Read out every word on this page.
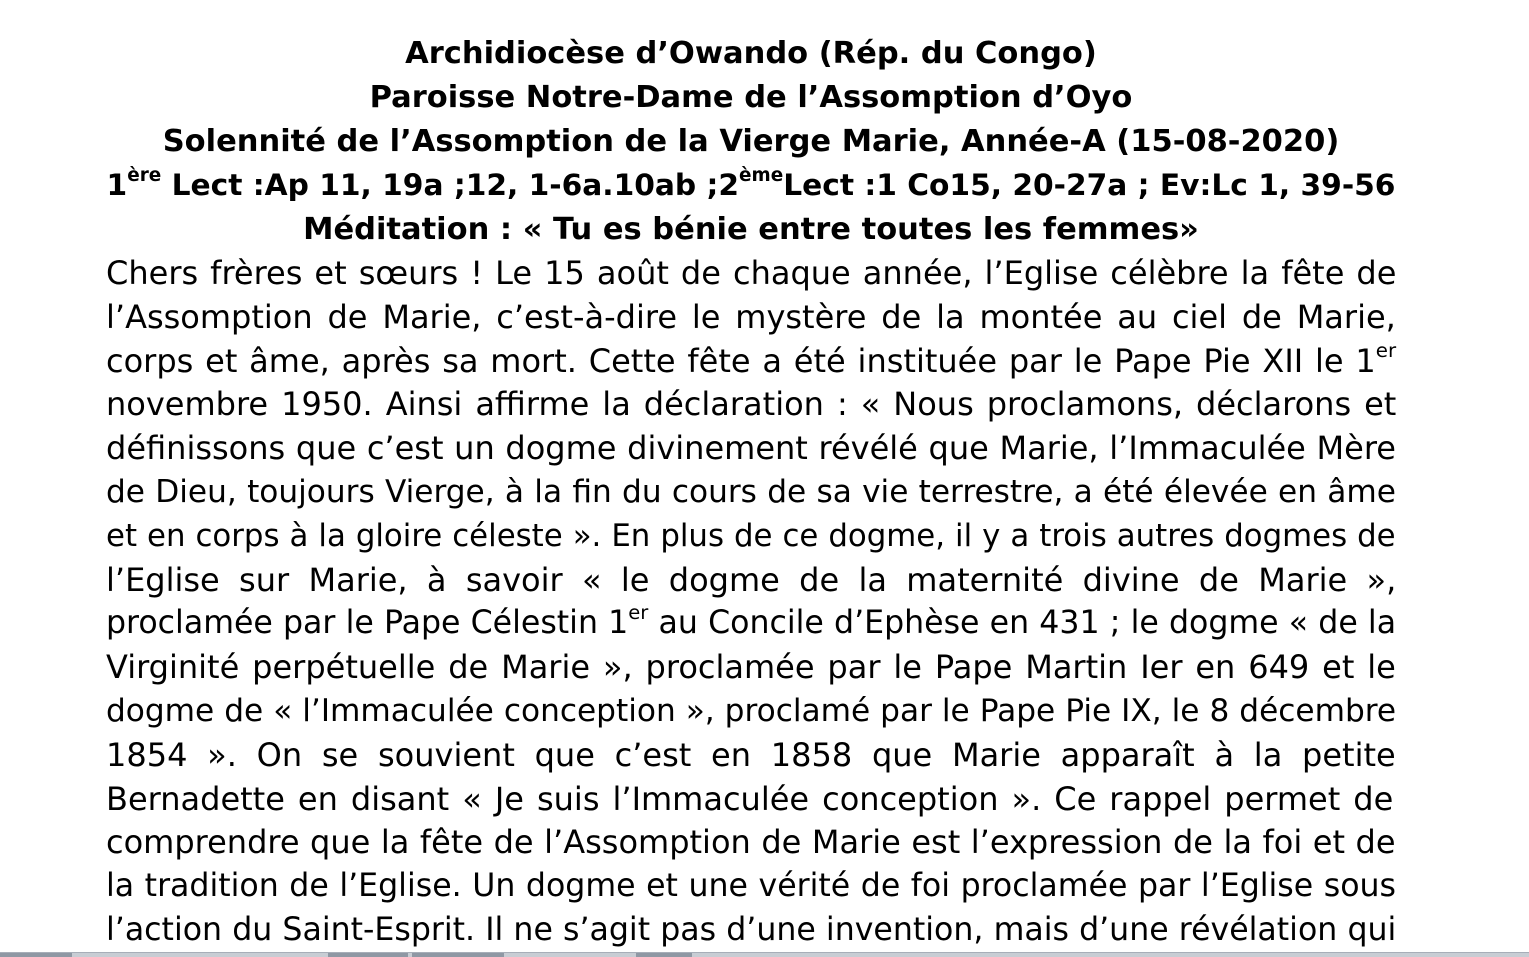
Archidiocèse d’Owando (Rép. du Congo)
Paroisse Notre-Dame de l’Assomption d’Oyo
Solennité de l’Assomption de la Vierge Marie, Année-A (15-08-2020)
1ère Lect :Ap 11, 19a ;12, 1-6a.10ab ;2èmeLect :1 Co15, 20-27a ; Ev:Lc 1, 39-56
Méditation : « Tu es bénie entre toutes les femmes»
Chers frères et sœurs ! Le 15 août de chaque année, l’Eglise célèbre la fête de
l’Assomption de Marie, c’est-à-dire le mystère de la montée au ciel de Marie,
corps et âme, après sa mort. Cette fête a été instituée par le Pape Pie XII le 1er
novembre 1950. Ainsi affirme la déclaration : « Nous proclamons, déclarons et
définissons que c’est un dogme divinement révélé que Marie, l’Immaculée Mère
de Dieu, toujours Vierge, à la fin du cours de sa vie terrestre, a été élevée en âme
et en corps à la gloire céleste ». En plus de ce dogme, il y a trois autres dogmes de
l’Eglise sur Marie, à savoir « le dogme de la maternité divine de Marie »,
proclamée par le Pape Célestin 1er au Concile d’Ephèse en 431 ; le dogme « de la
Virginité perpétuelle de Marie », proclamée par le Pape Martin Ier en 649 et le
dogme de « l’Immaculée conception », proclamé par le Pape Pie IX, le 8 décembre
1854 ». On se souvient que c’est en 1858 que Marie apparaît à la petite
Bernadette en disant « Je suis l’Immaculée conception ». Ce rappel permet de
comprendre que la fête de l’Assomption de Marie est l’expression de la foi et de
la tradition de l’Eglise. Un dogme et une vérité de foi proclamée par l’Eglise sous
l’action du Saint-Esprit. Il ne s’agit pas d’une invention, mais d’une révélation qui
